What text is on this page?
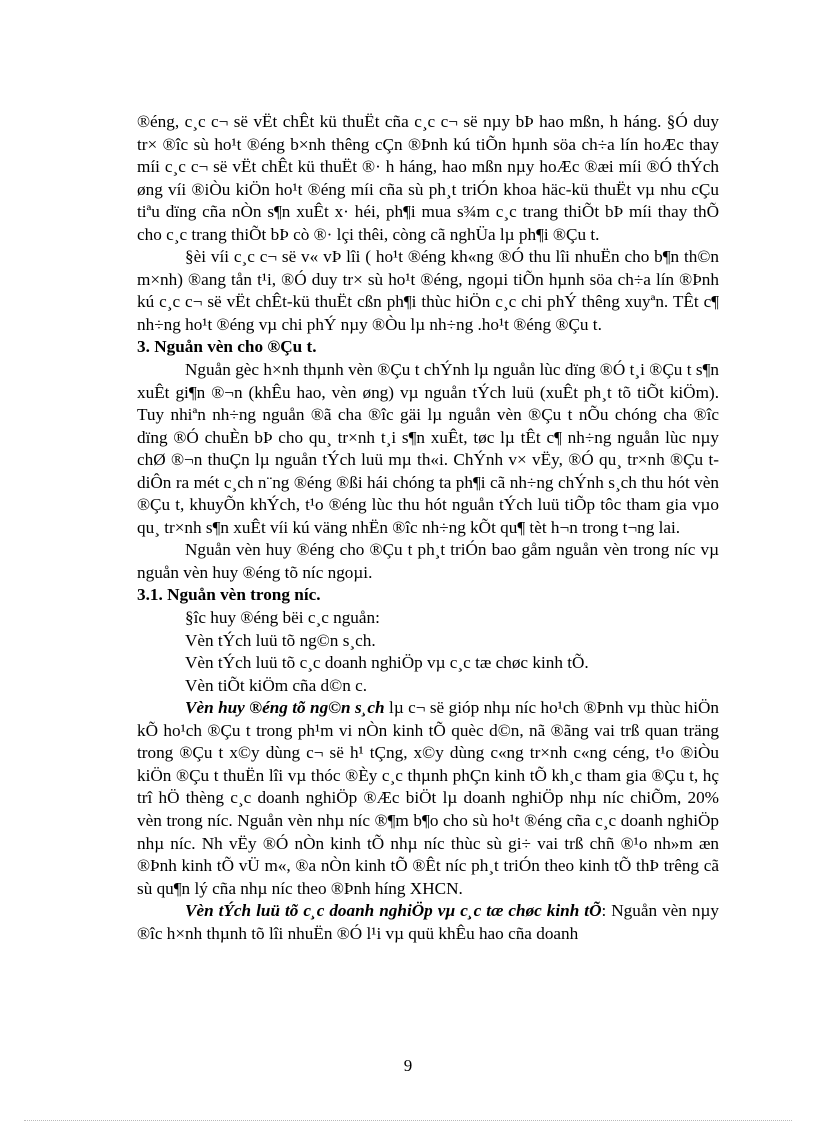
®éng, c¸c c¬ së vËt chÊt kü thuËt cña c¸c c¬ së nµy bÞ hao mßn, h háng. §Ó duy tr× ®îc sù ho¹t ®éng b×nh thêng cÇn ®Þnh kú tiÕn hµnh söa ch÷a lín hoÆc thay míi c¸c c¬ së vËt chÊt kü thuËt ®· h háng, hao mßn nµy hoÆc ®æi míi ®Ó thÝch øng víi ®iÒu kiÖn ho¹t ®éng míi cña sù ph¸t triÓn khoa häc-kü thuËt vµ nhu cÇu tiªu dïng cña nÒn s¶n xuÊt x· héi, ph¶i mua s¾m c¸c trang thiÕt bÞ míi thay thÕ cho c¸c trang thiÕt bÞ cò ®· lçi thêi, còng cã nghÜa lµ ph¶i ®Çu t.

§èi víi c¸c c¬ së v« vÞ lîi ( ho¹t ®éng kh«ng ®Ó thu lîi nhuËn cho b¶n th©n m×nh) ®ang tån t¹i, ®Ó duy tr× sù ho¹t ®éng, ngoµi tiÕn hµnh söa ch÷a lín ®Þnh kú c¸c c¬ së vËt chÊt-kü thuËt cßn ph¶i thùc hiÖn c¸c chi phÝ thêng xuyªn. TÊt c¶ nh÷ng ho¹t ®éng vµ chi phÝ nµy ®Òu lµ nh÷ng .ho¹t ®éng ®Çu t.

3. Nguån vèn cho ®Çu t.

Nguån gèc h×nh thµnh vèn ®Çu t chÝnh lµ nguån lùc dïng ®Ó t¸i ®Çu t s¶n xuÊt gi¶n ®¬n (khÊu hao, vèn øng) vµ nguån tÝch luü (xuÊt ph¸t tõ tiÕt kiÖm). Tuy nhiªn nh÷ng nguån ®ã cha ®îc gäi lµ nguån vèn ®Çu t nÕu chóng cha ®îc dïng ®Ó chuÈn bÞ cho qu¸ tr×nh t¸i s¶n xuÊt, tøc lµ tÊt c¶ nh÷ng nguån lùc nµy chØ ®¬n thuÇn lµ nguån tÝch luü mµ th«i. ChÝnh v× vËy, ®Ó qu¸ tr×nh ®Çu t diÔn ra mét c¸ch n¨ng ®éng ®ßi hái chóng ta ph¶i cã nh÷ng chÝnh s¸ch thu hót vèn ®Çu t, khuyÕn khÝch, t¹o ®éng lùc thu hót nguån tÝch luü tiÕp tôc tham gia vµo qu¸ tr×nh s¶n xuÊt víi kú väng nhËn ®îc nh÷ng kÕt qu¶ tèt h¬n trong t¬ng lai.

Nguån vèn huy ®éng cho ®Çu t ph¸t triÓn bao gåm nguån vèn trong níc vµ nguån vèn huy ®éng tõ níc ngoµi.

3.1. Nguån vèn trong níc.

§îc huy ®éng bëi c¸c nguån:

Vèn tÝch luü tõ ng©n s¸ch.

Vèn tÝch luü tõ c¸c doanh nghiÖp vµ c¸c tæ chøc kinh tÕ.

Vèn tiÕt kiÖm cña d©n c.

Vèn huy ®éng tõ ng©n s¸ch lµ c¬ së gióp nhµ níc ho¹ch ®Þnh vµ thùc hiÖn kÕ ho¹ch ®Çu t trong ph¹m vi nÒn kinh tÕ quèc d©n, nã ®ãng vai trß quan träng trong ®Çu t x©y dùng c¬ së h¹ tÇng, x©y dùng c«ng tr×nh c«ng céng, t¹o ®iÒu kiÖn ®Çu t thuËn lîi vµ thóc ®Èy c¸c thµnh phÇn kinh tÕ kh¸c tham gia ®Çu t, hç trî hÖ thèng c¸c doanh nghiÖp ®Æc biÖt lµ doanh nghiÖp nhµ níc chiÕm, 20% vèn trong níc. Nguån vèn nhµ níc ®¶m b¶o cho sù ho¹t ®éng cña c¸c doanh nghiÖp nhµ níc. Nh vËy ®Ó nÒn kinh tÕ nhµ níc thùc sù gi÷ vai trß chñ ®¹o nh»m æn ®Þnh kinh tÕ vÜ m«, ®a nÒn kinh tÕ ®Êt níc ph¸t triÓn theo kinh tÕ thÞ trêng cã sù qu¶n lý cña nhµ níc theo ®Þnh híng XHCN.

Vèn tÝch luü tõ c¸c doanh nghiÖp vµ c¸c tæ chøc kinh tÕ: Nguån vèn nµy ®îc h×nh thµnh tõ lîi nhuËn ®Ó l¹i vµ quü khÊu hao cña doanh

9
